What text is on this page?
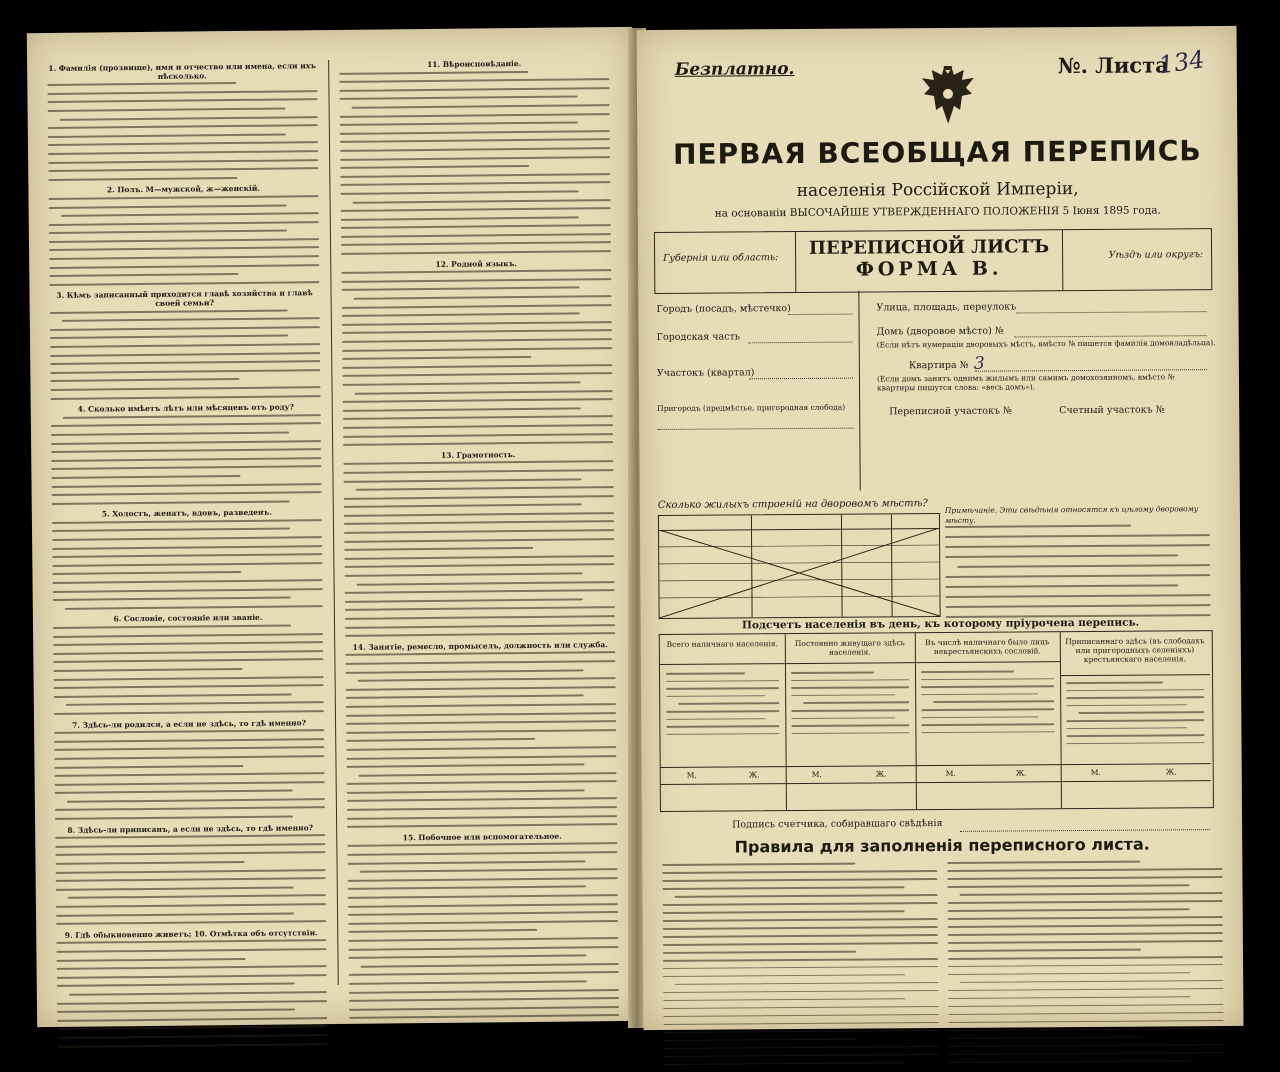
1. Фамилія (прозвище), имя и отчество или имена, если ихъ нѣсколько.
2. Полъ. М—мужской, ж—женскій.
3. Кѣмъ записанный приходится главѣ хозяйства и главѣ своей семьи?
4. Сколько имѣетъ лѣтъ или мѣсяцевъ отъ роду?
5. Холостъ, женатъ, вдовъ, разведенъ.
6. Сословіе, состояніе или званіе.
7. Здѣсь-ли родился, а если не здѣсь, то гдѣ именно?
8. Здѣсь-ли приписанъ, а если не здѣсь, то гдѣ именно?
9. Гдѣ обыкновенно живетъ; 10. Отмѣтка объ отсутствіи.
11. Вѣроисповѣданіе.
12. Родной языкъ.
13. Грамотность.
14. Занятіе, ремесло, промыселъ, должность или служба.
15. Побочное или вспомогательное.
Безплатно.	№. Листа
134
ПЕРВАЯ ВСЕОБЩАЯ ПЕРЕПИСЬ
населенія Россійской Имперіи,
на основаніи ВЫСОЧАЙШЕ УТВЕРЖДЕННАГО ПОЛОЖЕНІЯ 5 Іюня 1895 года.
Губернія или область:	ПЕРЕПИСНОЙ ЛИСТЪ
ФОРМА В.
Уѣздъ или округъ:
Городъ (посадъ, мѣстечко)
Городская часть
Участокъ (квартал)
Пригородъ (предмѣстье, пригородная слобода)
Улица, площадь, переулокъ
Домъ (дворовое мѣсто) №
(Если нѣтъ нумераціи дворовыхъ мѣстъ, вмѣсто № пишется фамилія домовладѣльца).
Квартира № 3
(Если домъ занятъ однимъ жилымъ или самимъ домохозяиномъ, вмѣсто № квартиры пишутся слова: «весь домъ»).
Переписной участокъ №	Счетный участокъ №
Сколько жилыхъ строеній на дворовомъ мѣстѣ? Примѣчаніе. Эти свѣдѣнія относятся къ цѣлому дворовому мѣсту.
Подсчетъ населенія въ день, къ которому пріурочена перепись.
Всего наличнаго населенія.
М.	Ж.
Постоянно живущаго здѣсь населенія.
М.	Ж.
Въ числѣ наличнаго было лицъ некрестьянскихъ сословій.
М.	Ж.
Приписаннаго здѣсь (въ слободахъ или пригородныхъ селеніяхъ) крестьянскаго населенія.
М.	Ж.
Подпись счетчика, собиравшаго свѣдѣнія
Правила для заполненія переписного листа.
